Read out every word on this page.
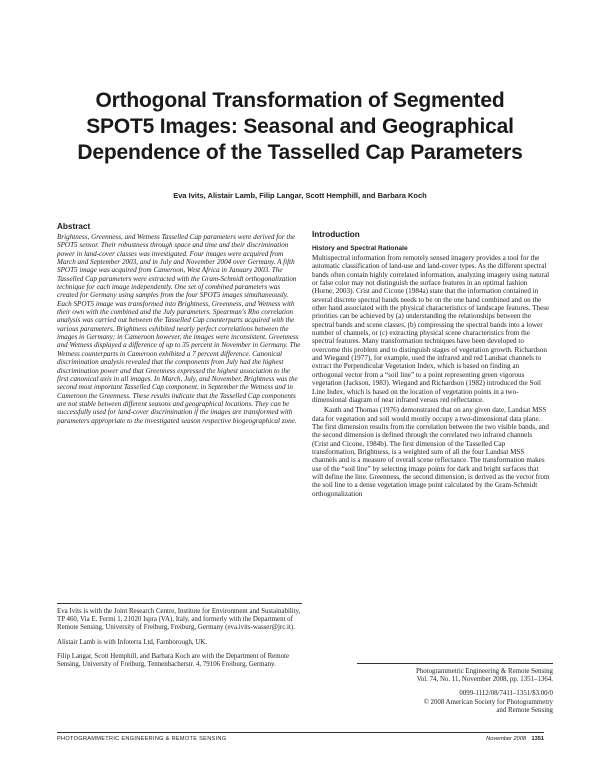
Orthogonal Transformation of Segmented
SPOT5 Images: Seasonal and Geographical
Dependence of the Tasselled Cap Parameters
Eva Ivits, Alistair Lamb, Filip Langar, Scott Hemphill, and Barbara Koch
Abstract

Brightness, Greenness, and Wetness Tasselled Cap parameters were derived for the SPOT5 sensor. Their robustness through space and time and their discrimination power in land-cover classes was investigated. Four images were acquired from March and September 2003, and in July and November 2004 over Germany. A fifth SPOT5 image was acquired from Cameroon, West Africa in January 2003. The Tasselled Cap parameters were extracted with the Gram-Schmidt orthogonalization technique for each image independently. One set of combined parameters was created for Germany using samples from the four SPOT5 images simultaneously. Each SPOT5 image was transformed into Brightness, Greenness, and Wetness with their own with the combined and the July parameters. Spearman's Rho correlation analysis was carried out between the Tasselled Cap counterparts acquired with the various parameters. Brightness exhibited nearly perfect correlations between the images in Germany; in Cameroon however, the images were inconsistent. Greenness and Wetness displayed a difference of up to 35 percent in November in Germany. The Wetness counterparts in Cameroon exhibited a 7 percent difference. Canonical discrimination analysis revealed that the components from July had the highest discrimination power and that Greenness expressed the highest association to the first canonical axis in all images. In March, July, and November, Brightness was the second most important Tasselled Cap component, in September the Wetness and in Cameroon the Greenness. These results indicate that the Tasselled Cap components are not stable between different seasons and geographical locations. They can be successfully used for land-cover discrimination if the images are transformed with parameters appropriate to the investigated season respective biogeographical zone.

Introduction
History and Spectral Rationale

Multispectral information from remotely sensed imagery provides a tool for the automatic classification of land-use and land-cover types. As the different spectral bands often contain highly correlated information, analyzing imagery using natural or false color may not distinguish the surface features in an optimal fashion (Horne, 2003). Crist and Cicone (1984a) state that the information contained in several discrete spectral bands needs to be on the one hand combined and on the other hand associated with the physical characteristics of landscape features. These priorities can be achieved by (a) understanding the relationships between the spectral bands and scene classes, (b) compressing the spectral bands into a lower number of channels, or (c) extracting physical scene characteristics from the spectral features. Many transformation techniques have been developed to overcome this problem and to distinguish stages of vegetation growth. Richardson and Wiegand (1977), for example, used the infrared and red Landsat channels to extract the Perpendicular Vegetation Index, which is based on finding an orthogonal vector from a “soil line” to a point representing green vigorous vegetation (Jackson, 1983). Wiegand and Richardson (1982) introduced the Soil Line Index, which is based on the location of vegetation points in a two-dimensional diagram of near infrared versus red reflectance.

Kauth and Thomas (1976) demonstrated that on any given date, Landsat MSS data for vegetation and soil would mostly occupy a two-dimensional data plane. The first dimension results from the correlation between the two visible bands, and the second dimension is defined through the correlated two infrared channels (Crist and Cicone, 1984b). The first dimension of the Tasselled Cap transformation, Brightness, is a weighted sum of all the four Landsat MSS channels and is a measure of overall scene reflectance. The transformation makes use of the “soil line” by selecting image points for dark and bright surfaces that will define the line. Greenness, the second dimension, is derived as the vector from the soil line to a dense vegetation image point calculated by the Gram-Schmidt orthogonalization

Eva Ivits is with the Joint Research Centre, Institute for Environment and Sustainability, TP 460, Via E. Fermi 1, 21020 Ispra (VA), Italy, and formerly with the Department of Remote Sensing, University of Freiburg, Freiburg, Germany (eva.ivits-wasser@jrc.it).

Alistair Lamb is with Infoterra Ltd, Farnborough, UK.

Filip Langar, Scott Hemphill, and Barbara Koch are with the Department of Remote Sensing, University of Freiburg, Tennenbacherstr. 4, 79106 Freiburg, Germany.

Photogrammetric Engineering & Remote Sensing
Vol. 74, No. 11, November 2008, pp. 1351–1364.

0099-1112/08/7411–1351/$3.00/0
© 2008 American Society for Photogrammetry
and Remote Sensing

PHOTOGRAMMETRIC ENGINEERING & REMOTE SENSING	November 2008 1351
